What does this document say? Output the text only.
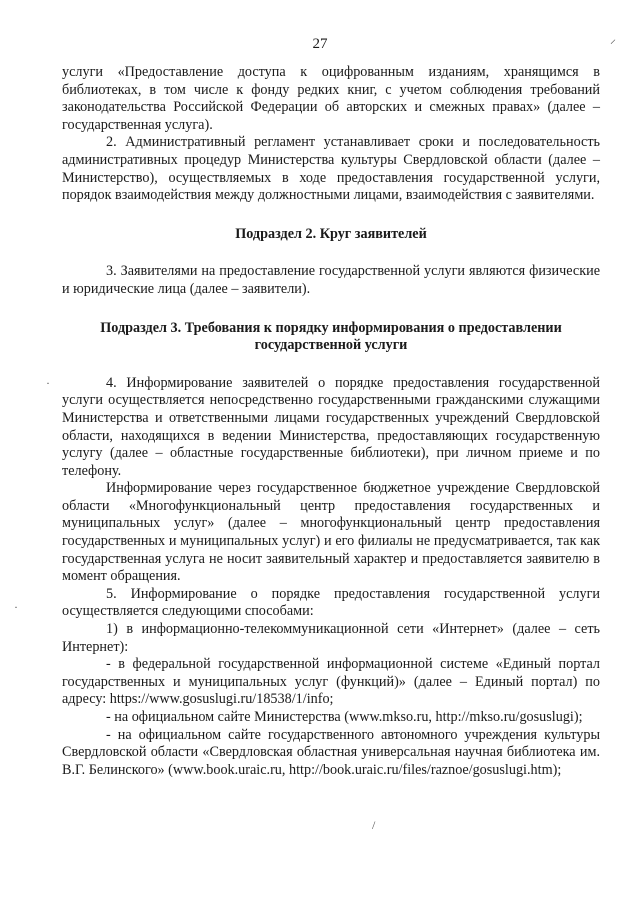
27

услуги «Предоставление доступа к оцифрованным изданиям, хранящимся в библиотеках, в том числе к фонду редких книг, с учетом соблюдения требований законодательства Российской Федерации об авторских и смежных правах» (далее – государственная услуга).

2. Административный регламент устанавливает сроки и последовательность административных процедур Министерства культуры Свердловской области (далее – Министерство), осуществляемых в ходе предоставления государственной услуги, порядок взаимодействия между должностными лицами, взаимодействия с заявителями.

Подраздел 2. Круг заявителей

3. Заявителями на предоставление государственной услуги являются физические и юридические лица (далее – заявители).

Подраздел 3. Требования к порядку информирования о предоставлении государственной услуги

4. Информирование заявителей о порядке предоставления государственной услуги осуществляется непосредственно государственными гражданскими служащими Министерства и ответственными лицами государственных учреждений Свердловской области, находящихся в ведении Министерства, предоставляющих государственную услугу (далее – областные государственные библиотеки), при личном приеме и по телефону.

Информирование через государственное бюджетное учреждение Свердловской области «Многофункциональный центр предоставления государственных и муниципальных услуг» (далее – многофункциональный центр предоставления государственных и муниципальных услуг) и его филиалы не предусматривается, так как государственная услуга не носит заявительный характер и предоставляется заявителю в момент обращения.

5. Информирование о порядке предоставления государственной услуги осуществляется следующими способами:

1) в информационно-телекоммуникационной сети «Интернет» (далее – сеть Интернет):

- в федеральной государственной информационной системе «Единый портал государственных и муниципальных услуг (функций)» (далее – Единый портал) по адресу: https://www.gosuslugi.ru/18538/1/info;

- на официальном сайте Министерства (www.mkso.ru, http://mkso.ru/gosuslugi);

- на официальном сайте государственного автономного учреждения культуры Свердловской области «Свердловская областная универсальная научная библиотека им. В.Г. Белинского» (www.book.uraic.ru, http://book.uraic.ru/files/raznoe/gosuslugi.htm);

⸝
·
·
/
